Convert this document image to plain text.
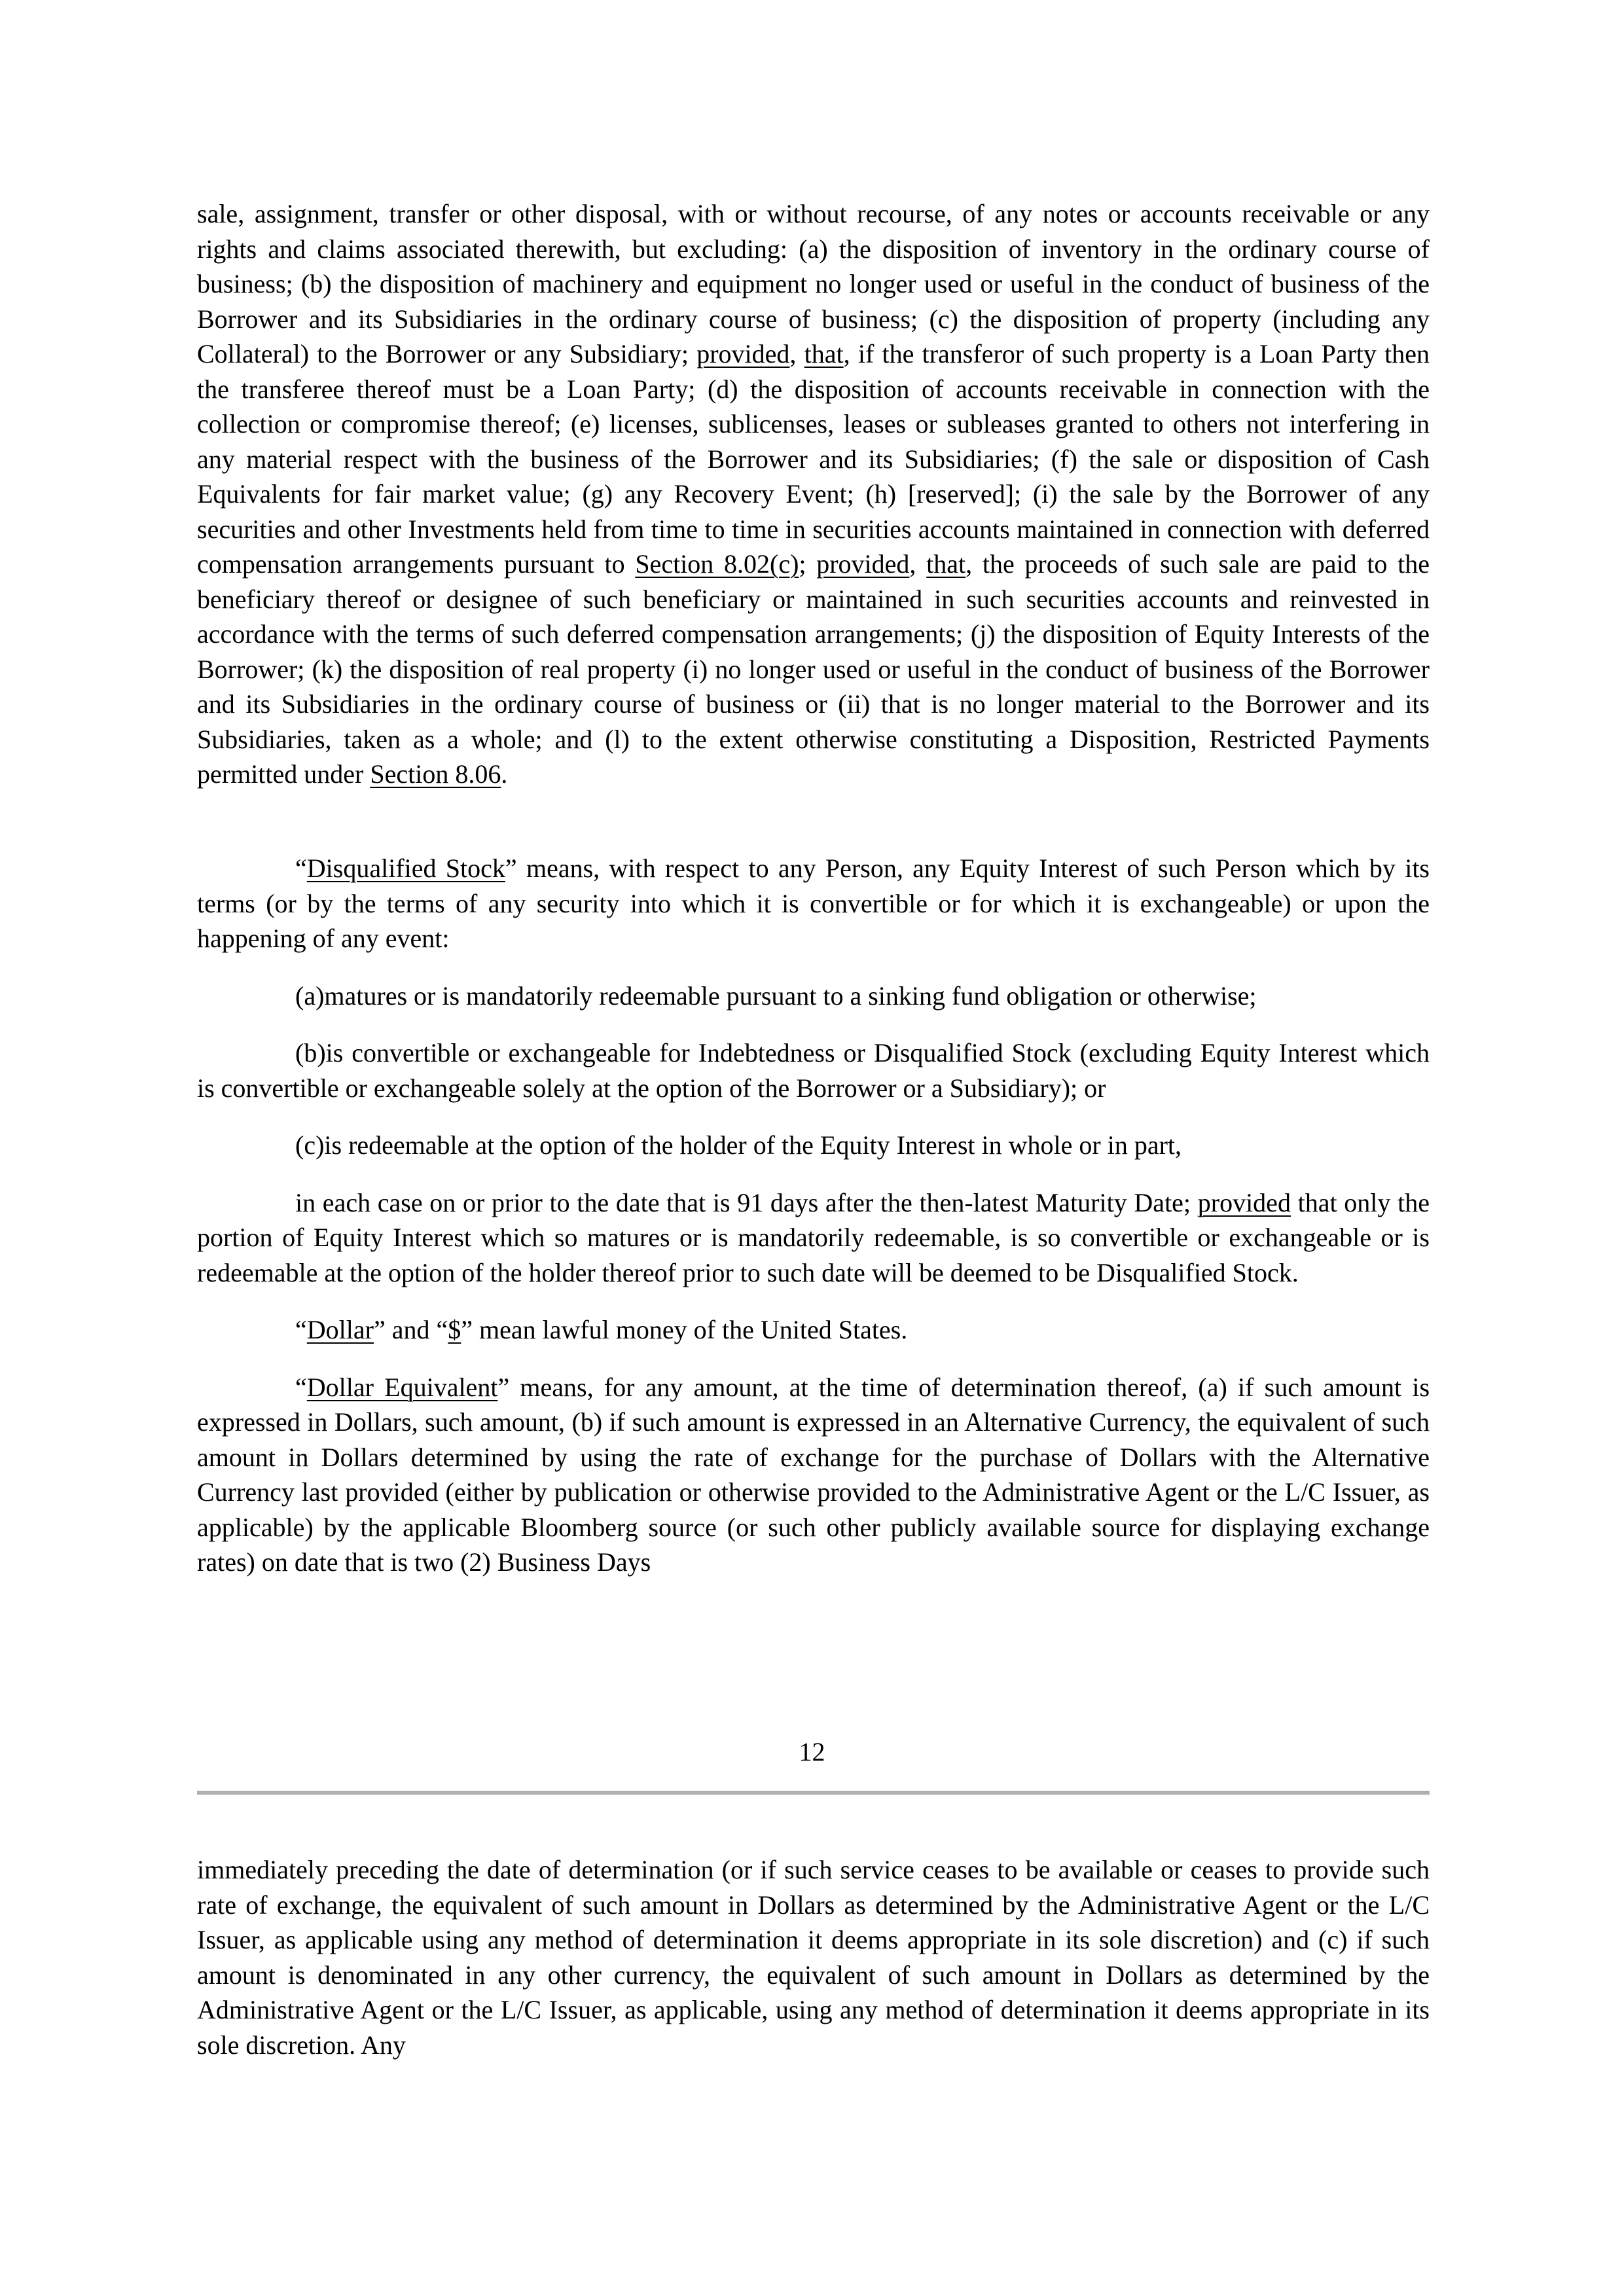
sale, assignment, transfer or other disposal, with or without recourse, of any notes or accounts receivable or any rights and claims associated therewith, but excluding: (a) the disposition of inventory in the ordinary course of business; (b) the disposition of machinery and equipment no longer used or useful in the conduct of business of the Borrower and its Subsidiaries in the ordinary course of business; (c) the disposition of property (including any Collateral) to the Borrower or any Subsidiary; provided, that, if the transferor of such property is a Loan Party then the transferee thereof must be a Loan Party; (d) the disposition of accounts receivable in connection with the collection or compromise thereof; (e) licenses, sublicenses, leases or subleases granted to others not interfering in any material respect with the business of the Borrower and its Subsidiaries; (f) the sale or disposition of Cash Equivalents for fair market value; (g) any Recovery Event; (h) [reserved]; (i) the sale by the Borrower of any securities and other Investments held from time to time in securities accounts maintained in connection with deferred compensation arrangements pursuant to Section 8.02(c); provided, that, the proceeds of such sale are paid to the beneficiary thereof or designee of such beneficiary or maintained in such securities accounts and reinvested in accordance with the terms of such deferred compensation arrangements; (j) the disposition of Equity Interests of the Borrower; (k) the disposition of real property (i) no longer used or useful in the conduct of business of the Borrower and its Subsidiaries in the ordinary course of business or (ii) that is no longer material to the Borrower and its Subsidiaries, taken as a whole; and (l) to the extent otherwise constituting a Disposition, Restricted Payments permitted under Section 8.06.

“Disqualified Stock” means, with respect to any Person, any Equity Interest of such Person which by its terms (or by the terms of any security into which it is convertible or for which it is exchangeable) or upon the happening of any event:

(a)matures or is mandatorily redeemable pursuant to a sinking fund obligation or otherwise;

(b)is convertible or exchangeable for Indebtedness or Disqualified Stock (excluding Equity Interest which is convertible or exchangeable solely at the option of the Borrower or a Subsidiary); or

(c)is redeemable at the option of the holder of the Equity Interest in whole or in part,

in each case on or prior to the date that is 91 days after the then-latest Maturity Date; provided that only the portion of Equity Interest which so matures or is mandatorily redeemable, is so convertible or exchangeable or is redeemable at the option of the holder thereof prior to such date will be deemed to be Disqualified Stock.

“Dollar” and “$” mean lawful money of the United States.

“Dollar Equivalent” means, for any amount, at the time of determination thereof, (a) if such amount is expressed in Dollars, such amount, (b) if such amount is expressed in an Alternative Currency, the equivalent of such amount in Dollars determined by using the rate of exchange for the purchase of Dollars with the Alternative Currency last provided (either by publication or otherwise provided to the Administrative Agent or the L/C Issuer, as applicable) by the applicable Bloomberg source (or such other publicly available source for displaying exchange rates) on date that is two (2) Business Days

12

immediately preceding the date of determination (or if such service ceases to be available or ceases to provide such rate of exchange, the equivalent of such amount in Dollars as determined by the Administrative Agent or the L/C Issuer, as applicable using any method of determination it deems appropriate in its sole discretion) and (c) if such amount is denominated in any other currency, the equivalent of such amount in Dollars as determined by the Administrative Agent or the L/C Issuer, as applicable, using any method of determination it deems appropriate in its sole discretion. Any
